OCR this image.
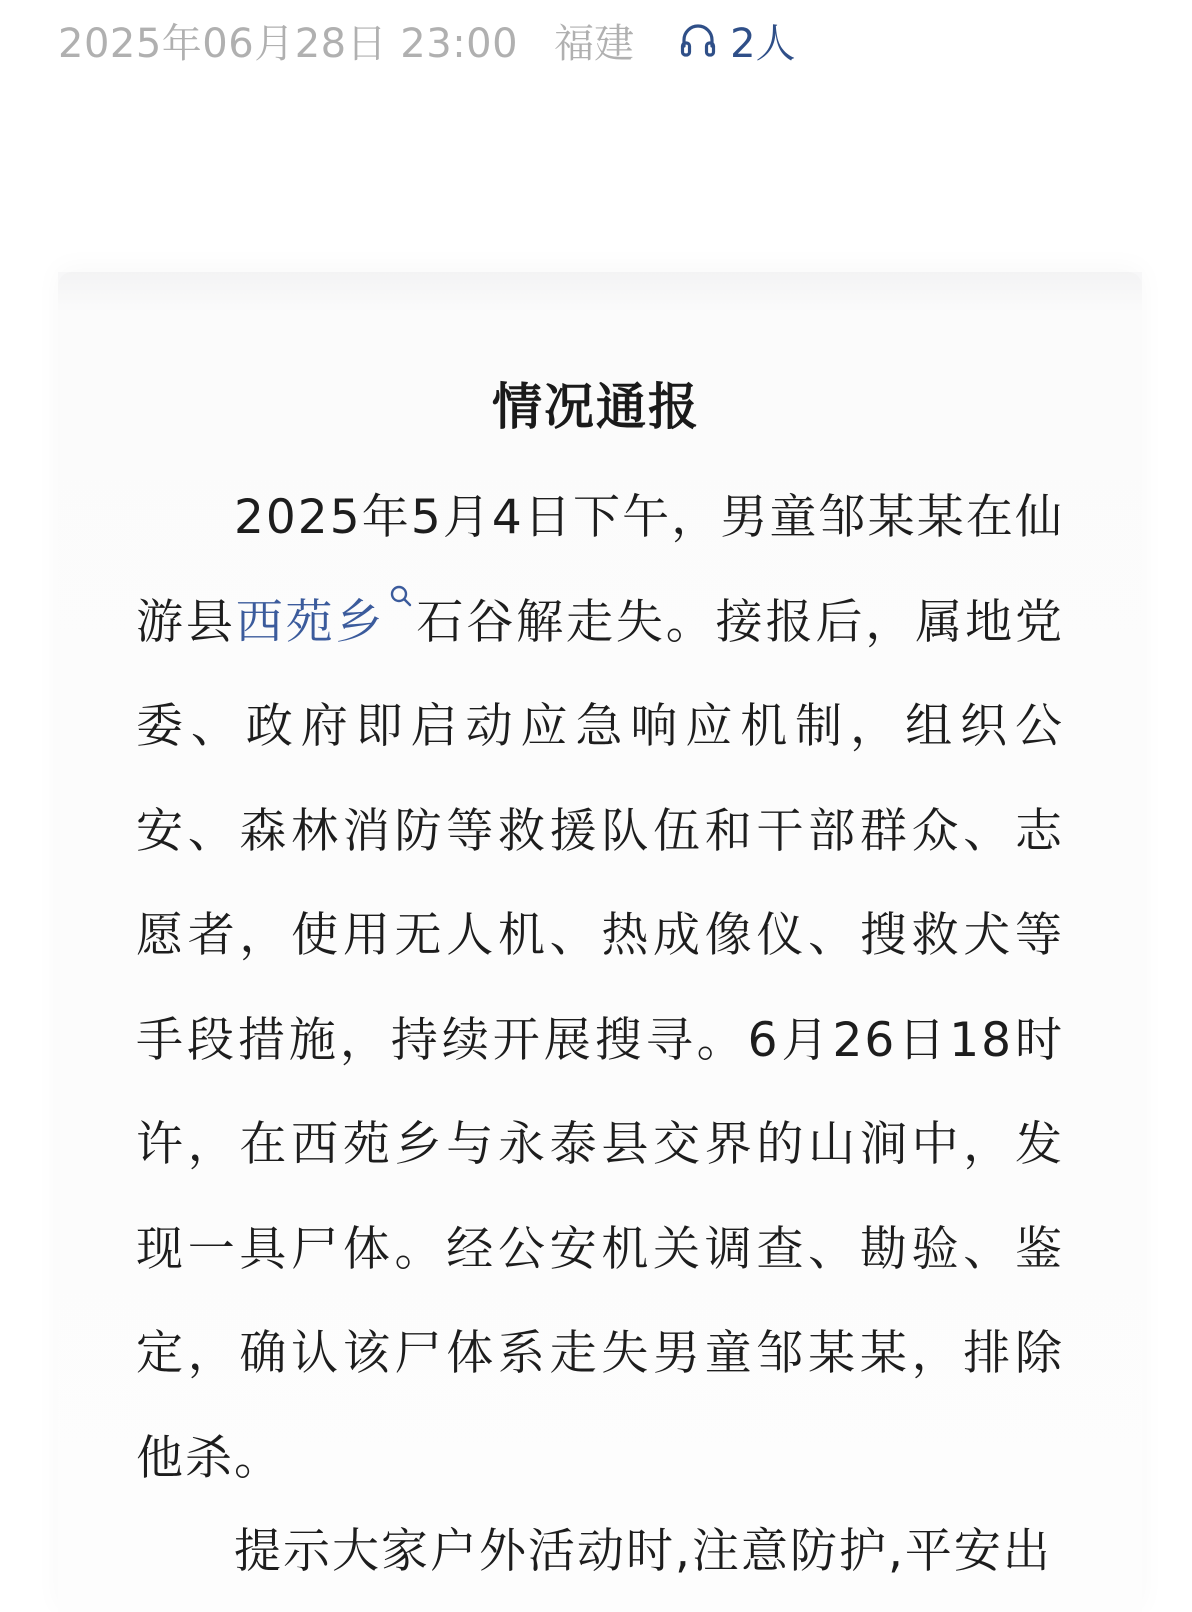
2025年06月28日 23:00 福建 2人
情况通报
2025年5月4日下午，男童邹某某在仙游县西苑乡 石谷解走失。接报后，属地党委、政府即启动应急响应机制，组织公安、森林消防等救援队伍和干部群众、志愿者，使用无人机、热成像仪、搜救犬等手段措施，持续开展搜寻。6月26日18时许，在西苑乡与永泰县交界的山涧中，发现一具尸体。经公安机关调查、勘验、鉴定，确认该尸体系走失男童邹某某，排除他杀。
提示大家户外活动时,注意防护,平安出
